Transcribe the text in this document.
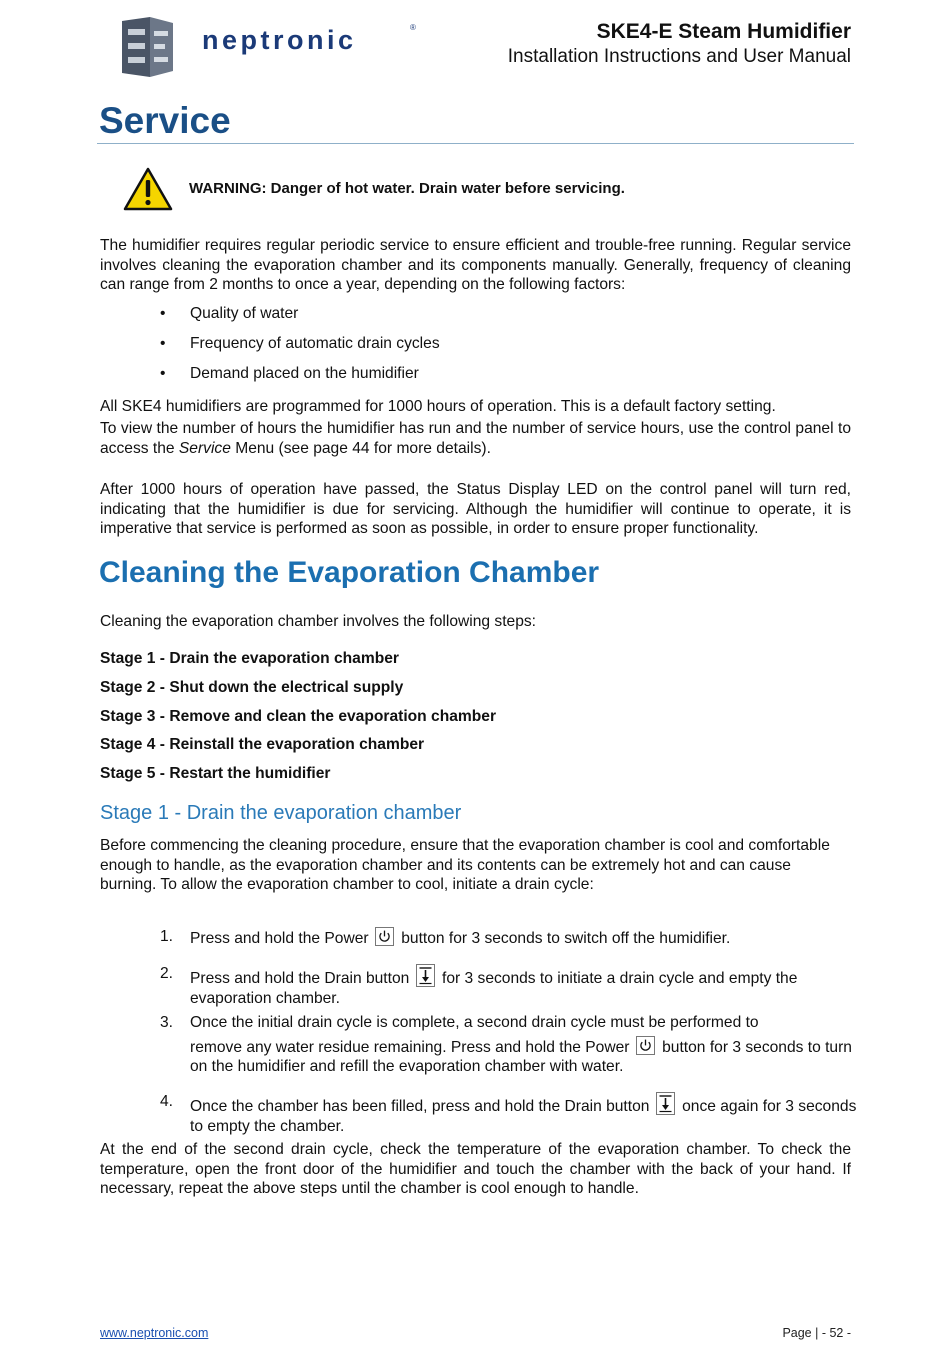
neptronic	®	SKE4-E Steam Humidifier
Installation Instructions and User Manual
Service
WARNING: Danger of hot water. Drain water before servicing.
The humidifier requires regular periodic service to ensure efficient and trouble-free running. Regular service involves cleaning the evaporation chamber and its components manually. Generally, frequency of cleaning can range from 2 months to once a year, depending on the following factors:
• Quality of water
• Frequency of automatic drain cycles
• Demand placed on the humidifier
All SKE4 humidifiers are programmed for 1000 hours of operation. This is a default factory setting.
To view the number of hours the humidifier has run and the number of service hours, use the control panel to access the Service Menu (see page 44 for more details).
After 1000 hours of operation have passed, the Status Display LED on the control panel will turn red, indicating that the humidifier is due for servicing. Although the humidifier will continue to operate, it is imperative that service is performed as soon as possible, in order to ensure proper functionality.
Cleaning the Evaporation Chamber
Cleaning the evaporation chamber involves the following steps:
Stage 1 - Drain the evaporation chamber
Stage 2 - Shut down the electrical supply
Stage 3 - Remove and clean the evaporation chamber
Stage 4 - Reinstall the evaporation chamber
Stage 5 - Restart the humidifier
Stage 1 - Drain the evaporation chamber
Before commencing the cleaning procedure, ensure that the evaporation chamber is cool and comfortable enough to handle, as the evaporation chamber and its contents can be extremely hot and can cause burning. To allow the evaporation chamber to cool, initiate a drain cycle:
1. Press and hold the Power
button for 3 seconds to switch off the humidifier.
2. Press and hold the Drain button
for 3 seconds to initiate a drain cycle and empty the evaporation chamber.
3. Once the initial drain cycle is complete, a second drain cycle must be performed to
remove any water residue remaining. Press and hold the Power
button for 3 seconds to turn on the humidifier and refill the evaporation chamber with water.
4. Once the chamber has been filled, press and hold the Drain button
once again for 3 seconds to empty the chamber.
At the end of the second drain cycle, check the temperature of the evaporation chamber. To check the temperature, open the front door of the humidifier and touch the chamber with the back of your hand. If necessary, repeat the above steps until the chamber is cool enough to handle.
www.neptronic.com	Page | - 52 -
